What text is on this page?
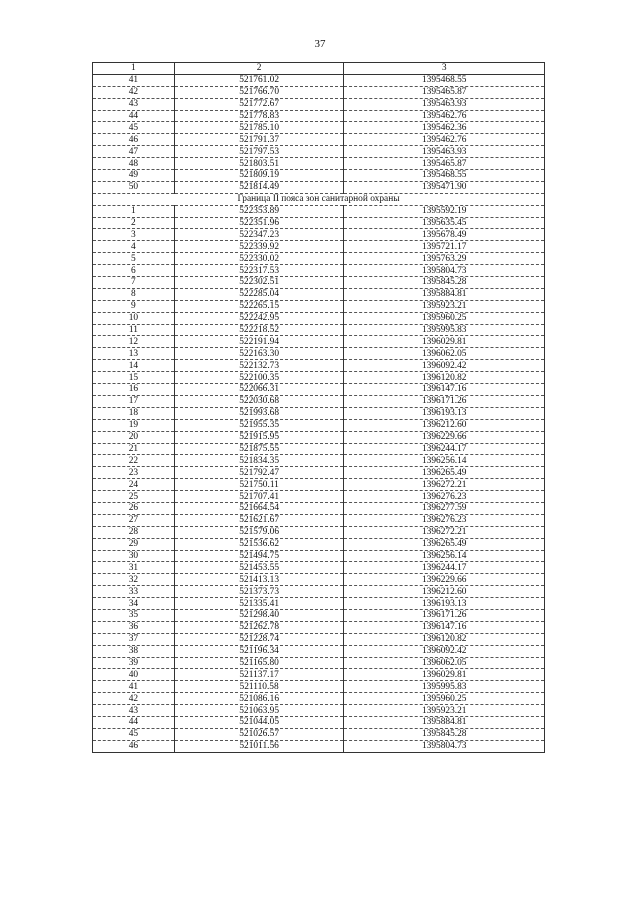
37
1	2	3
41	521761.02	1395468.55
42	521766.70	1395465.87
43	521772.67	1395463.93
44	521778.83	1395462.76
45	521785.10	1395462.36
46	521791.37	1395462.76
47	521797.53	1395463.93
48	521803.51	1395465.87
49	521809.19	1395468.55
50	521814.49	1395471.90
Граница II пояса зон санитарной охраны		
1	522353.89	1395592.19
2	522351.96	1395635.45
3	522347.23	1395678.49
4	522339.92	1395721.17
5	522330.02	1395763.29
6	522317.53	1395804.73
7	522302.51	1395845.28
8	522285.04	1395884.81
9	522265.15	1395923.21
10	522242.95	1395960.25
11	522218.52	1395995.83
12	522191.94	1396029.81
13	522163.30	1396062.05
14	522132.73	1396092.42
15	522100.35	1396120.82
16	522066.31	1396147.16
17	522030.68	1396171.26
18	521993.68	1396193.13
19	521955.35	1396212.60
20	521915.95	1396229.66
21	521875.55	1396244.17
22	521834.35	1396256.14
23	521792.47	1396265.49
24	521750.11	1396272.21
25	521707.41	1396276.23
26	521664.54	1396277.59
27	521621.67	1396276.23
28	521579.06	1396272.21
29	521536.62	1396265.49
30	521494.75	1396256.14
31	521453.55	1396244.17
32	521413.13	1396229.66
33	521373.73	1396212.60
34	521335.41	1396193.13
35	521298.40	1396171.26
36	521262.78	1396147.16
37	521228.74	1396120.82
38	521196.34	1396092.42
39	521165.80	1396062.05
40	521137.17	1396029.81
41	521110.58	1395995.83
42	521086.16	1395960.25
43	521063.95	1395923.21
44	521044.05	1395884.81
45	521026.57	1395845.28
46	521011.56	1395804.73
